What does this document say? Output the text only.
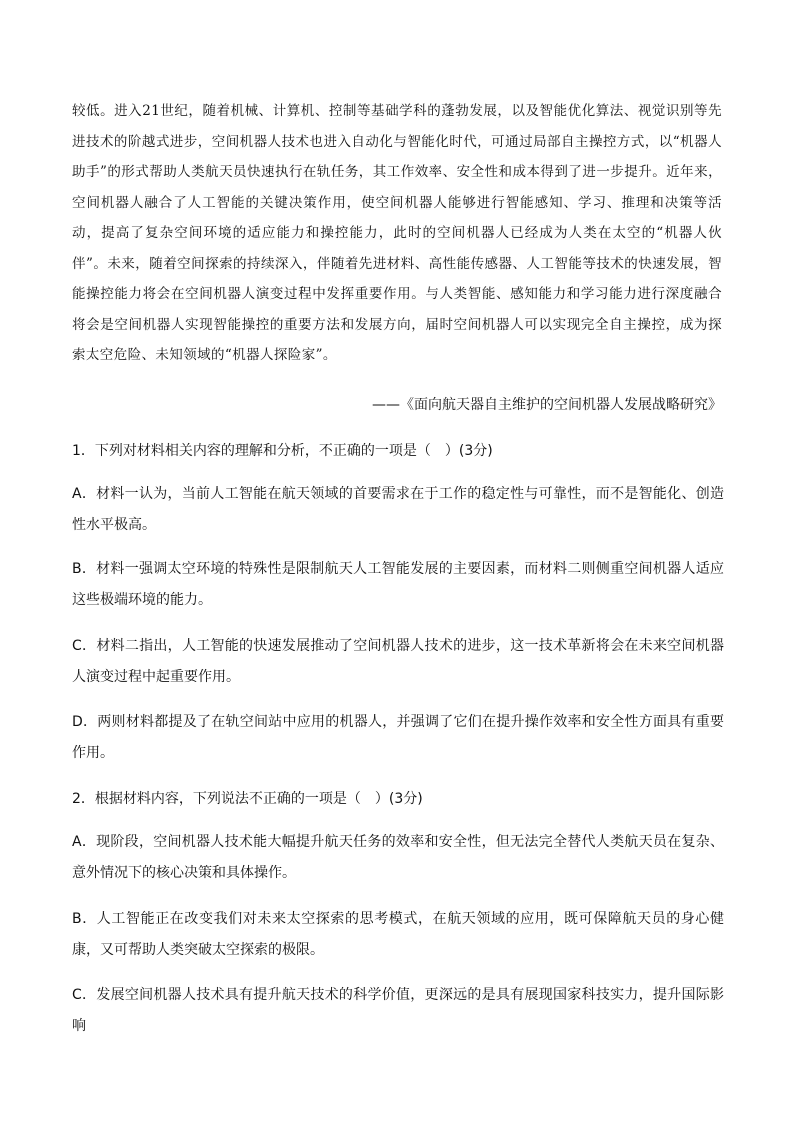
较低。进入21世纪，随着机械、计算机、控制等基础学科的蓬勃发展，以及智能优化算法、视觉识别等先进技术的阶越式进步，空间机器人技术也进入自动化与智能化时代，可通过局部自主操控方式，以“机器人助手”的形式帮助人类航天员快速执行在轨任务，其工作效率、安全性和成本得到了进一步提升。近年来，空间机器人融合了人工智能的关键决策作用，使空间机器人能够进行智能感知、学习、推理和决策等活动，提高了复杂空间环境的适应能力和操控能力，此时的空间机器人已经成为人类在太空的“机器人伙伴”。未来，随着空间探索的持续深入，伴随着先进材料、高性能传感器、人工智能等技术的快速发展，智能操控能力将会在空间机器人演变过程中发挥重要作用。与人类智能、感知能力和学习能力进行深度融合将会是空间机器人实现智能操控的重要方法和发展方向，届时空间机器人可以实现完全自主操控，成为探索太空危险、未知领域的“机器人探险家”。

——《面向航天器自主维护的空间机器人发展战略研究》

1．下列对材料相关内容的理解和分析，不正确的一项是（　）(3分)

A．材料一认为，当前人工智能在航天领域的首要需求在于工作的稳定性与可靠性，而不是智能化、创造性水平极高。

B．材料一强调太空环境的特殊性是限制航天人工智能发展的主要因素，而材料二则侧重空间机器人适应这些极端环境的能力。

C．材料二指出，人工智能的快速发展推动了空间机器人技术的进步，这一技术革新将会在未来空间机器人演变过程中起重要作用。

D．两则材料都提及了在轨空间站中应用的机器人，并强调了它们在提升操作效率和安全性方面具有重要作用。

2．根据材料内容，下列说法不正确的一项是（　）(3分)

A．现阶段，空间机器人技术能大幅提升航天任务的效率和安全性，但无法完全替代人类航天员在复杂、意外情况下的核心决策和具体操作。

B．人工智能正在改变我们对未来太空探索的思考模式，在航天领域的应用，既可保障航天员的身心健康，又可帮助人类突破太空探索的极限。

C．发展空间机器人技术具有提升航天技术的科学价值，更深远的是具有展现国家科技实力，提升国际影响
